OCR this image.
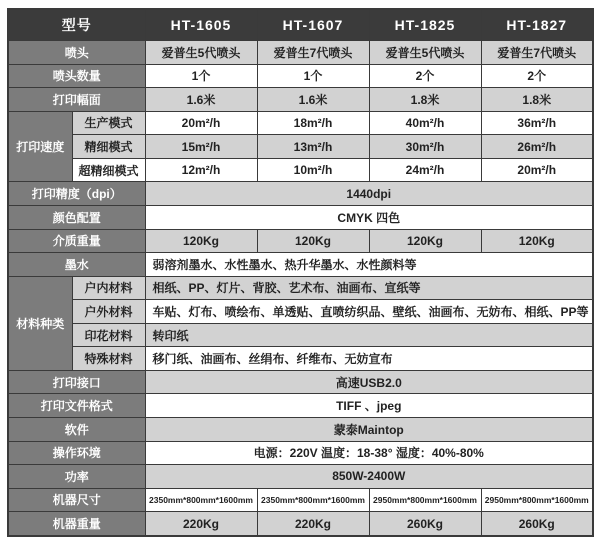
型号		HT-1605	HT-1607	HT-1825	HT-1827
喷头		爱普生5代喷头	爱普生7代喷头	爱普生5代喷头	爱普生7代喷头
喷头数量		1个	1个	2个	2个
打印幅面		1.6米	1.6米	1.8米	1.8米
打印速度	生产模式	20m²/h	18m²/h	40m²/h	36m²/h
	精细模式	15m²/h	13m²/h	30m²/h	26m²/h
	超精细模式	12m²/h	10m²/h	24m²/h	20m²/h
打印精度（dpi）		1440dpi			
颜色配置		CMYK 四色			
介质重量		120Kg	120Kg	120Kg	120Kg
墨水		弱溶剂墨水、水性墨水、热升华墨水、水性颜料等			
材料种类	户内材料	相纸、PP、灯片、背胶、艺术布、油画布、宣纸等			
	户外材料	车贴、灯布、喷绘布、单透贴、直喷纺织品、壁纸、油画布、无妨布、相纸、PP等			
	印花材料	转印纸			
	特殊材料	移门纸、油画布、丝绢布、纤维布、无妨宣布			
打印接口		高速USB2.0			
打印文件格式		TIFF 、jpeg			
软件		蒙泰Maintop			
操作环境		电源：220V 温度：18-38° 湿度：40%-80%			
功率		850W-2400W			
机器尺寸		2350mm*800mm*1600mm	2350mm*800mm*1600mm	2950mm*800mm*1600mm	2950mm*800mm*1600mm
机器重量		220Kg	220Kg	260Kg	260Kg
